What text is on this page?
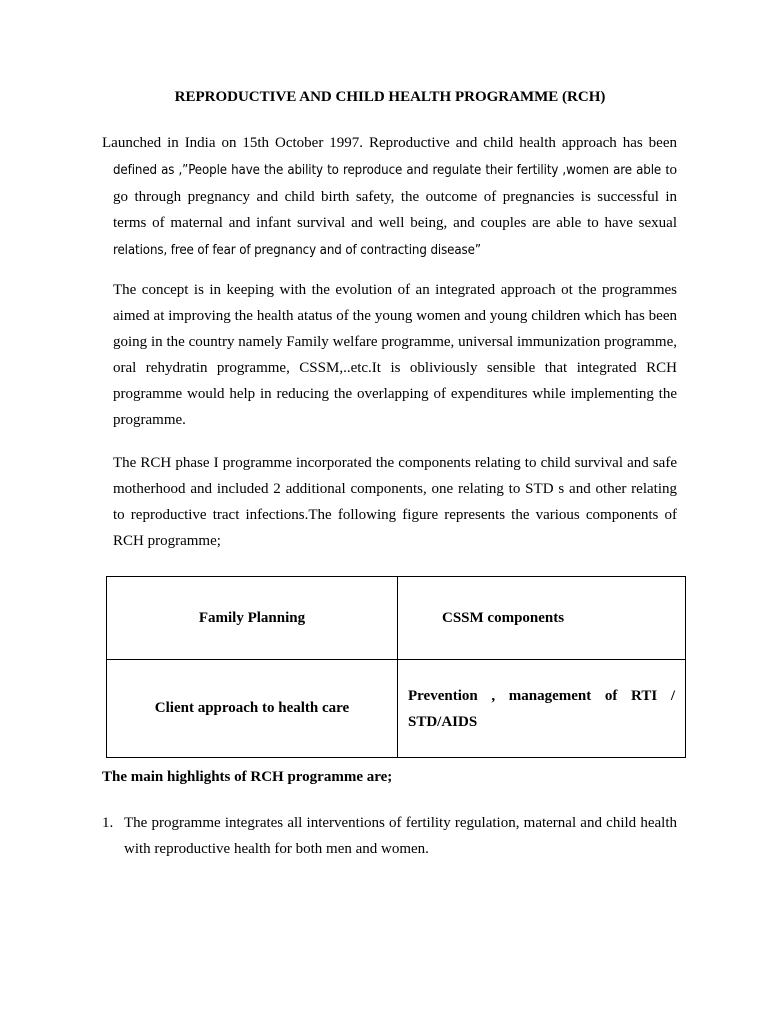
REPRODUCTIVE AND CHILD HEALTH PROGRAMME (RCH)
Launched in India on 15th October 1997. Reproductive and child health approach has been defined as ,”People have the ability to reproduce and regulate their fertility ,women are able to go through pregnancy and child birth safety, the outcome of pregnancies is successful in terms of maternal and infant survival and well being, and couples are able to have sexual relations, free of fear of pregnancy and of contracting disease”
The concept is in keeping with the evolution of an integrated approach ot the programmes aimed at improving the health atatus of the young women and young children which has been going in the country namely Family welfare programme, universal immunization programme, oral rehydratin programme, CSSM,..etc.It is obliviously sensible that integrated RCH programme would help in reducing the overlapping of expenditures while implementing the programme.
The RCH phase I programme incorporated the components relating to child survival and safe motherhood and included 2 additional components, one relating to STD s and other relating to reproductive tract infections.The following figure represents the various components of RCH programme;
Family Planning	CSSM components
Client approach to health care	Prevention , management of RTI / STD/AIDS
The main highlights of RCH programme are;
1. The programme integrates all interventions of fertility regulation, maternal and child health with reproductive health for both men and women.
